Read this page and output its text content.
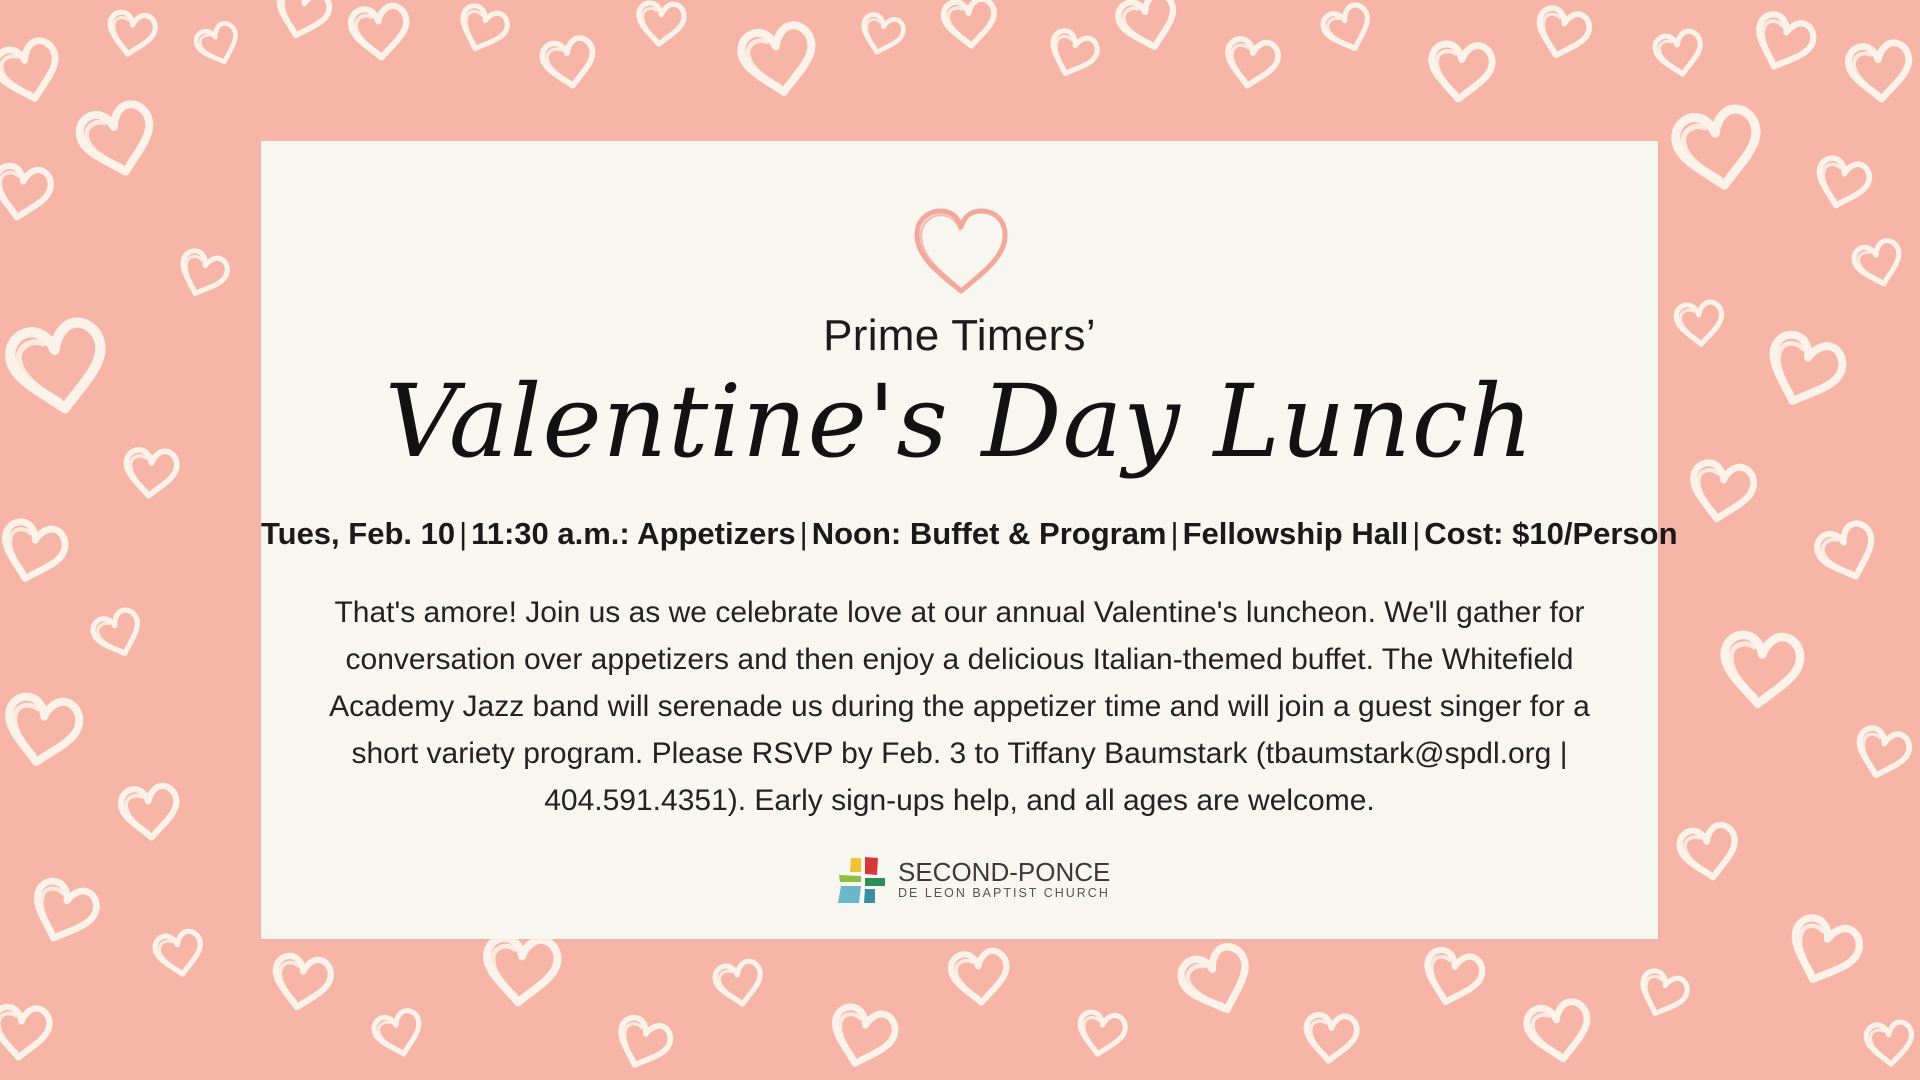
Prime Timers’
Valentine's Day Lunch
Tues, Feb. 10 | 11:30 a.m.: Appetizers | Noon: Buffet & Program | Fellowship Hall | Cost: $10/Person
That's amore! Join us as we celebrate love at our annual Valentine's luncheon. We'll gather for conversation over appetizers and then enjoy a delicious Italian-themed buffet. The Whitefield Academy Jazz band will serenade us during the appetizer time and will join a guest singer for a short variety program. Please RSVP by Feb. 3 to Tiffany Baumstark (tbaumstark@spdl.org | 404.591.4351). Early sign-ups help, and all ages are welcome.
SECOND-PONCE
DE LEON BAPTIST CHURCH
